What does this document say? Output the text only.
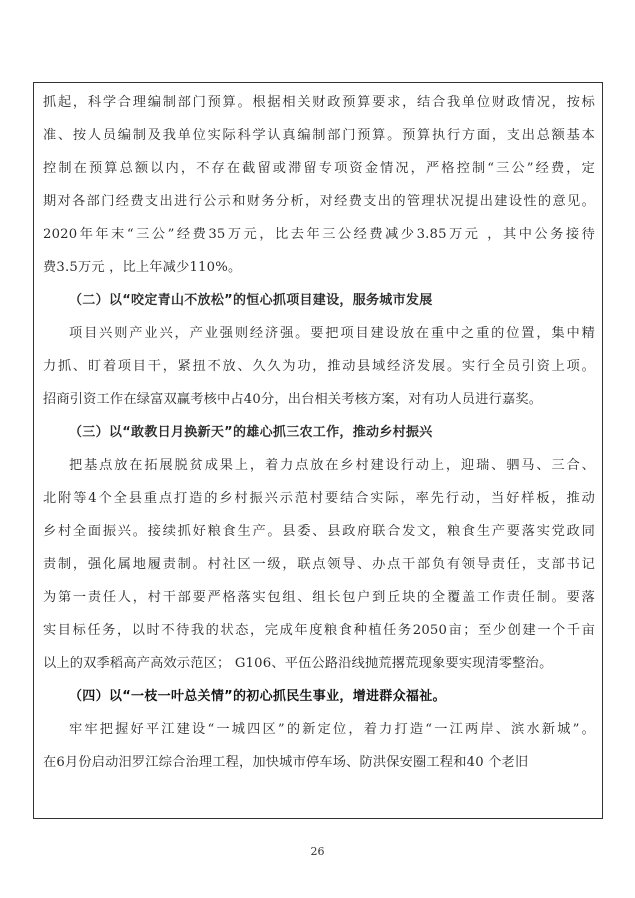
抓起，科学合理编制部门预算。根据相关财政预算要求，结合我单位财政情况，按标
准、按人员编制及我单位实际科学认真编制部门预算。预算执行方面，支出总额基本
控制在预算总额以内，不存在截留或滞留专项资金情况，严格控制“三公”经费，定
期对各部门经费支出进行公示和财务分析，对经费支出的管理状况提出建设性的意见。
2020年年末“三公”经费35万元，比去年三公经费减少3.85万元 ，其中公务接待
费3.5万元 ，比上年减少110%。
（二）以“咬定青山不放松”的恒心抓项目建设，服务城市发展
项目兴则产业兴，产业强则经济强。要把项目建设放在重中之重的位置，集中精
力抓、盯着项目干，紧扭不放、久久为功，推动县域经济发展。实行全员引资上项。
招商引资工作在绿富双赢考核中占40分，出台相关考核方案，对有功人员进行嘉奖。
（三）以“敢教日月换新天”的雄心抓三农工作，推动乡村振兴
把基点放在拓展脱贫成果上，着力点放在乡村建设行动上，迎瑞、驷马、三合、
北附等4个全县重点打造的乡村振兴示范村要结合实际，率先行动，当好样板，推动
乡村全面振兴。接续抓好粮食生产。县委、县政府联合发文，粮食生产要落实党政同
责制，强化属地履责制。村社区一级，联点领导、办点干部负有领导责任，支部书记
为第一责任人，村干部要严格落实包组、组长包户到丘块的全覆盖工作责任制。要落
实目标任务，以时不待我的状态，完成年度粮食种植任务2050亩；至少创建一个千亩
以上的双季稻高产高效示范区； G106、平伍公路沿线抛荒撂荒现象要实现清零整治。
（四）以“一枝一叶总关情”的初心抓民生事业，增进群众福祉。
牢牢把握好平江建设“一城四区”的新定位，着力打造“一江两岸、滨水新城”。
在6月份启动汨罗江综合治理工程，加快城市停车场、防洪保安圈工程和40 个老旧
26
